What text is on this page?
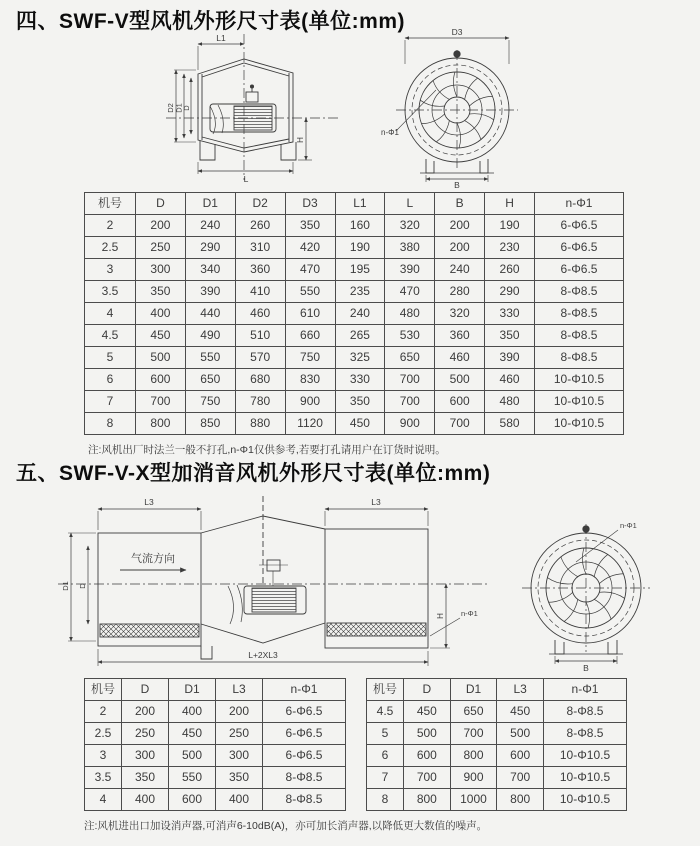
四、SWF-V型风机外形尺寸表(单位:mm)
L1
D2 D1
D
H
L
D3
n-Φ1
B
机号	D	D1	D2	D3	L1	L	B	H	n-Φ1
2	200	240	260	350	160	320	200	190	6-Φ6.5
2.5	250	290	310	420	190	380	200	230	6-Φ6.5
3	300	340	360	470	195	390	240	260	6-Φ6.5
3.5	350	390	410	550	235	470	280	290	8-Φ8.5
4	400	440	460	610	240	480	320	330	8-Φ8.5
4.5	450	490	510	660	265	530	360	350	8-Φ8.5
5	500	550	570	750	325	650	460	390	8-Φ8.5
6	600	650	680	830	330	700	500	460	10-Φ10.5
7	700	750	780	900	350	700	600	480	10-Φ10.5
8	800	850	880	1120	450	900	700	580	10-Φ10.5

注:风机出厂时法兰一般不打孔,n-Φ1仅供参考,若要打孔请用户在订货时说明。

五、SWF-V-X型加消音风机外形尺寸表(单位:mm)
L3	L3
D1 D
气流方向
H n-Φ1
L+2XL3
n-Φ1
B
机号	D	D1	L3	n-Φ1
2	200	400	200	6-Φ6.5
2.5	250	450	250	6-Φ6.5
3	300	500	300	6-Φ6.5
3.5	350	550	350	8-Φ8.5
4	400	600	400	8-Φ8.5
机号	D	D1	L3	n-Φ1
4.5	450	650	450	8-Φ8.5
5	500	700	500	8-Φ8.5
6	600	800	600	10-Φ10.5
7	700	900	700	10-Φ10.5
8	800	1000	800	10-Φ10.5

注:风机进出口加设消声器,可消声6-10dB(A)，亦可加长消声器,以降低更大数值的噪声。
